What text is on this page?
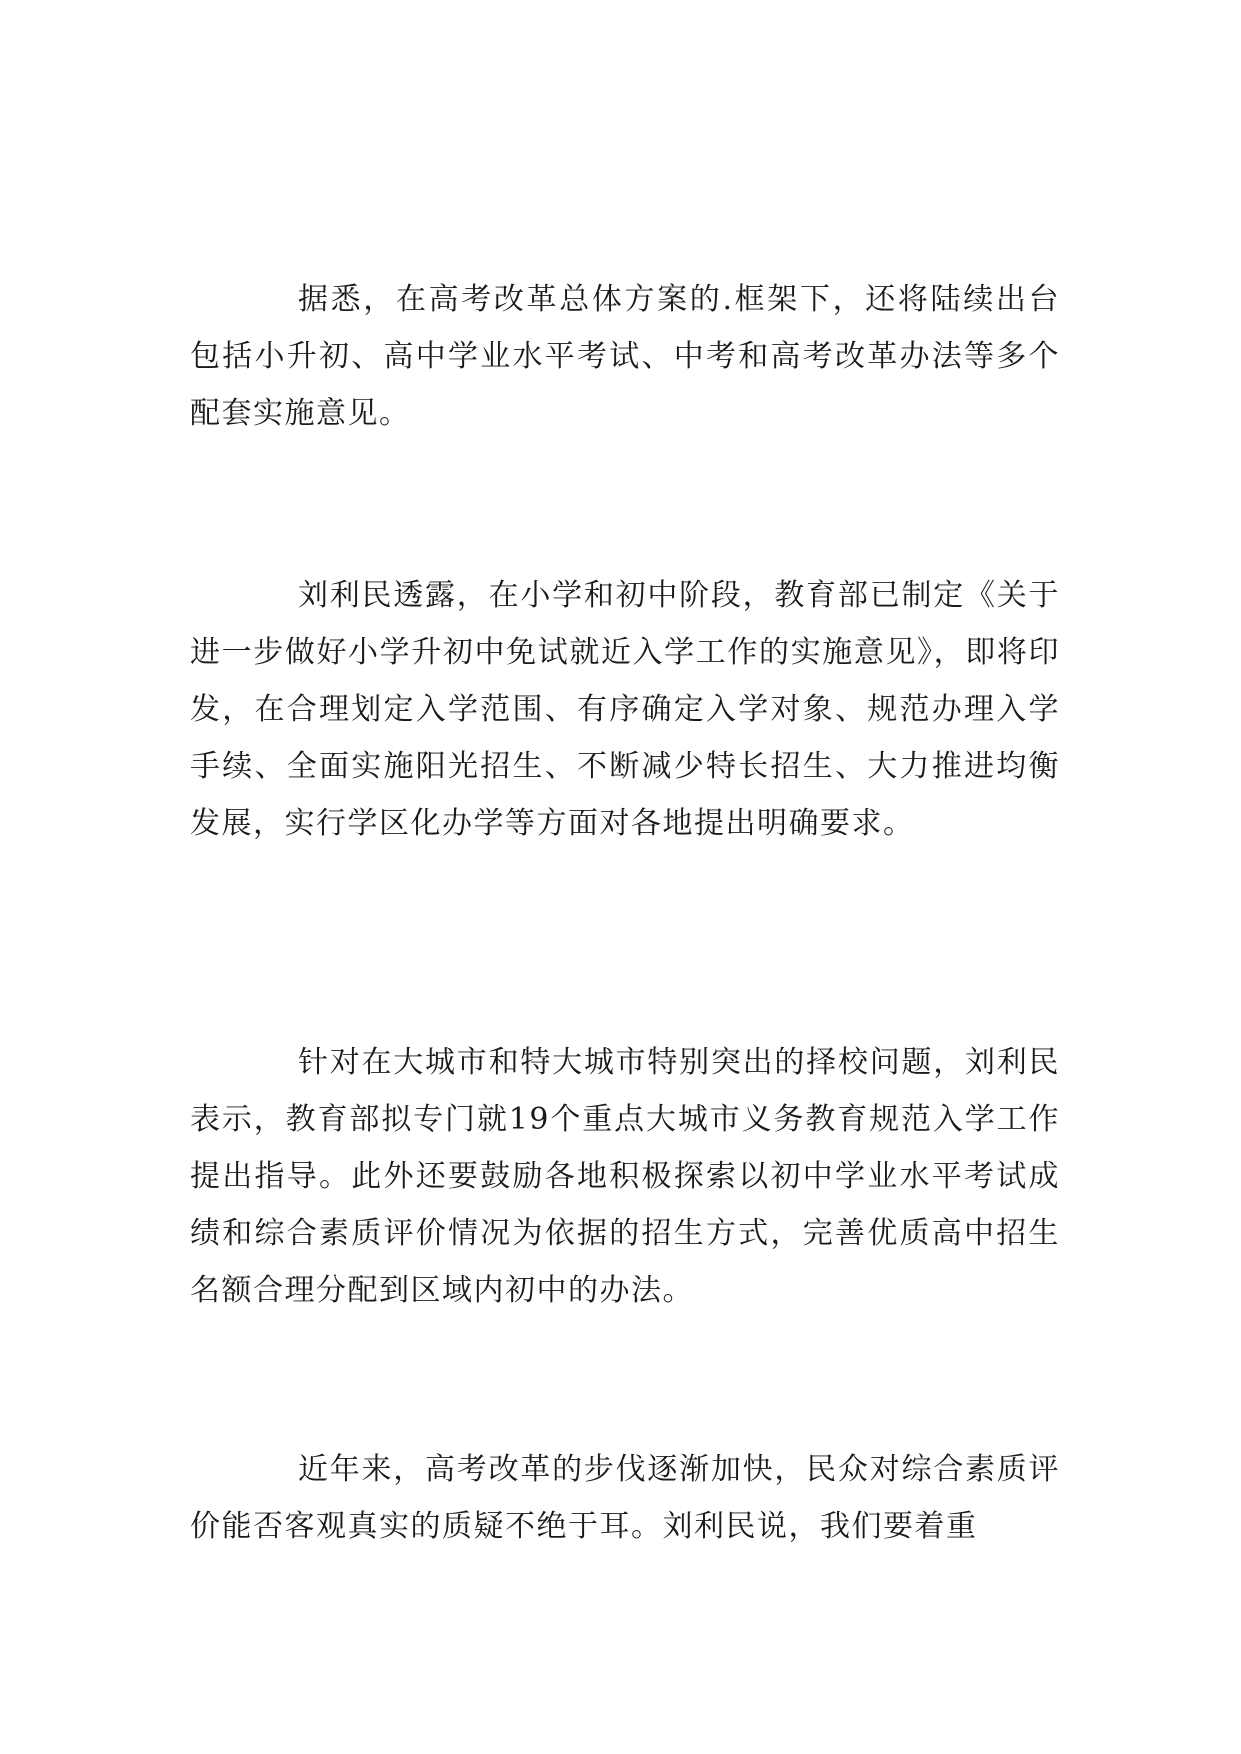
据悉，在高考改革总体方案的.框架下，还将陆续出台包括小升初、高中学业水平考试、中考和高考改革办法等多个配套实施意见。

刘利民透露，在小学和初中阶段，教育部已制定《关于进一步做好小学升初中免试就近入学工作的实施意见》，即将印发，在合理划定入学范围、有序确定入学对象、规范办理入学手续、全面实施阳光招生、不断减少特长招生、大力推进均衡发展，实行学区化办学等方面对各地提出明确要求。

针对在大城市和特大城市特别突出的择校问题，刘利民表示，教育部拟专门就19个重点大城市义务教育规范入学工作提出指导。此外还要鼓励各地积极探索以初中学业水平考试成绩和综合素质评价情况为依据的招生方式，完善优质高中招生名额合理分配到区域内初中的办法。

近年来，高考改革的步伐逐渐加快，民众对综合素质评价能否客观真实的质疑不绝于耳。刘利民说，我们要着重
